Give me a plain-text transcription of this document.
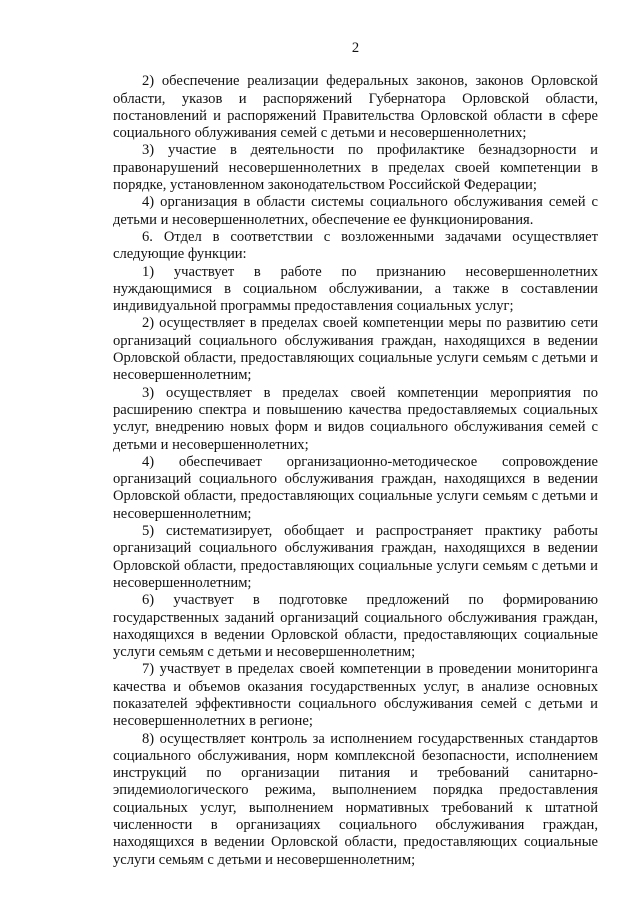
2

2) обеспечение реализации федеральных законов, законов Орловской области, указов и распоряжений Губернатора Орловской области, постановлений и распоряжений Правительства Орловской области в сфере социального облуживания семей с детьми и несовершеннолетних;

3) участие в деятельности по профилактике безнадзорности и правонарушений несовершеннолетних в пределах своей компетенции в порядке, установленном законодательством Российской Федерации;

4) организация в области системы социального обслуживания семей с детьми и несовершеннолетних, обеспечение ее функционирования.

6. Отдел в соответствии с возложенными задачами осуществляет следующие функции:

1) участвует в работе по признанию несовершеннолетних нуждающимися в социальном обслуживании, а также в составлении индивидуальной программы предоставления социальных услуг;

2) осуществляет в пределах своей компетенции меры по развитию сети организаций социального обслуживания граждан, находящихся в ведении Орловской области, предоставляющих социальные услуги семьям с детьми и несовершеннолетним;

3) осуществляет в пределах своей компетенции мероприятия по расширению спектра и повышению качества предоставляемых социальных услуг, внедрению новых форм и видов социального обслуживания семей с детьми и несовершеннолетних;

4) обеспечивает организационно-методическое сопровождение организаций социального обслуживания граждан, находящихся в ведении Орловской области, предоставляющих социальные услуги семьям с детьми и несовершеннолетним;

5) систематизирует, обобщает и распространяет практику работы организаций социального обслуживания граждан, находящихся в ведении Орловской области, предоставляющих социальные услуги семьям с детьми и несовершеннолетним;

6) участвует в подготовке предложений по формированию государственных заданий организаций социального обслуживания граждан, находящихся в ведении Орловской области, предоставляющих социальные услуги семьям с детьми и несовершеннолетним;

7) участвует в пределах своей компетенции в проведении мониторинга качества и объемов оказания государственных услуг, в анализе основных показателей эффективности социального обслуживания семей с детьми и несовершеннолетних в регионе;

8) осуществляет контроль за исполнением государственных стандартов социального обслуживания, норм комплексной безопасности, исполнением инструкций по организации питания и требований санитарно-эпидемиологического режима, выполнением порядка предоставления социальных услуг, выполнением нормативных требований к штатной численности в организациях социального обслуживания граждан, находящихся в ведении Орловской области, предоставляющих социальные услуги семьям с детьми и несовершеннолетним;
